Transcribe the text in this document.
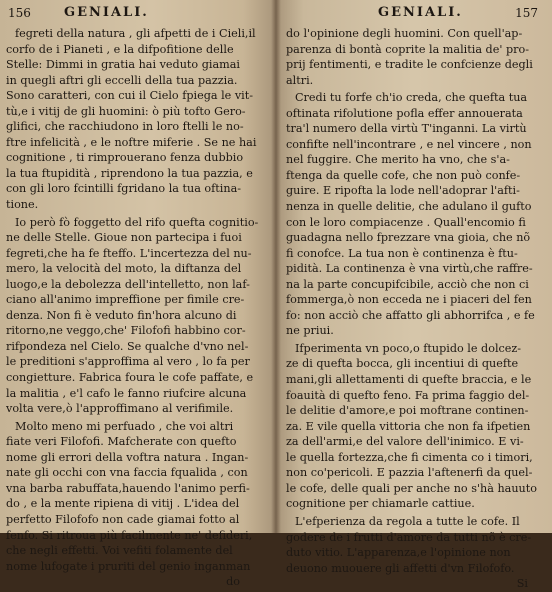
156	GENIALI.
fegreti della natura , gli afpetti de i Cieli,il
corfo de i Pianeti , e la difpofitione delle
Stelle: Dimmi in gratia hai veduto giamai
in quegli aftri gli eccelli della tua pazzia.
Sono caratteri, con cui il Cielo fpiega le vit-
tù,e i vitij de gli huomini: ò più tofto Gero-
glifici, che racchiudono in loro ftelli le no-
ftre infelicità , e le noftre miferie . Se ne hai
cognitione , ti rimprouerano fenza dubbio
la tua ftupidità , riprendono la tua pazzia, e
con gli loro fcintilli fgridano la tua oftina-
tione.
Io però fò foggetto del rifo quefta cognitio-
ne delle Stelle. Gioue non partecipa i fuoi
fegreti,che ha fe fteffo. L'incertezza del nu-
mero, la velocità del moto, la diftanza del
luogo,e la debolezza dell'intelletto, non laf-
ciano all'animo impreffione per fimile cre-
denza. Non fi è veduto fin'hora alcuno di
ritorno,ne veggo,che' Filofofi habbino cor-
rifpondeza nel Cielo. Se qualche d'vno nel-
le preditioni s'approffima al vero , lo fa per
congietture. Fabrica foura le cofe paffate, e
la malitia , e'l cafo le fanno riufcire alcuna
volta vere,ò l'approffimano al verifimile.
Molto meno mi perfuado , che voi altri
fiate veri Filofofi. Mafcherate con quefto
nome gli errori della voftra natura . Ingan-
nate gli occhi con vna faccia fqualida , con
vna barba rabuffata,hauendo l'animo perfi-
do , e la mente ripiena di vitij . L'idea del
perfetto Filofofo non cade giamai fotto al
fenfo. Si ritroua più facilmente ne' defideri,
che negli effetti. Voi vefiti folamente del
nome lufogate i pruriti del genio inganman
do
GENIALI.	157
do l'opinione degli huomini. Con quell'ap-
parenza di bontà coprite la malitia de' pro-
prij fentimenti, e tradite le confcienze degli
altri.
Credi tu forfe ch'io creda, che quefta tua
oftinata rifolutione pofla effer annouerata
tra'l numero della virtù T'inganni. La virtù
confifte nell'incontrare , e nel vincere , non
nel fuggire. Che merito ha vno, che s'a-
ftenga da quelle cofe, che non può confe-
guire. E ripofta la lode nell'adoprar l'afti-
nenza in quelle delitie, che adulano il gufto
con le loro compiacenze . Quall'encomio fi
guadagna nello fprezzare vna gioia, che nõ
fi conofce. La tua non è continenza è ftu-
pidità. La continenza è vna virtù,che raffre-
na la parte concupifcibile, acciò che non ci
fommerga,ò non ecceda ne i piaceri del fen
fo: non acciò che affatto gli abhorrifca , e fe
ne priui.
Ifperimenta vn poco,o ftupido le dolcez-
ze di quefta bocca, gli incentiui di quefte
mani,gli allettamenti di quefte braccia, e le
foauità di quefto feno. Fa prima faggio del-
le delitie d'amore,e poi moftrane continen-
za. E vile quella vittoria che non fa ifpetien
za dell'armi,e del valore dell'inimico. E vi-
le quella fortezza,che fi cimenta co i timori,
non co'pericoli. E pazzia l'aftenerfi da quel-
le cofe, delle quali per anche no s'hà hauuto
cognitione per chiamarle cattiue.
L'efperienza da regola a tutte le cofe. Il
godere de i frutti d'amore da tutti nõ è cre-
duto vitio. L'apparenza,e l'opinione non
deuono muouere gli affetti d'vn Filofofo.
Si
